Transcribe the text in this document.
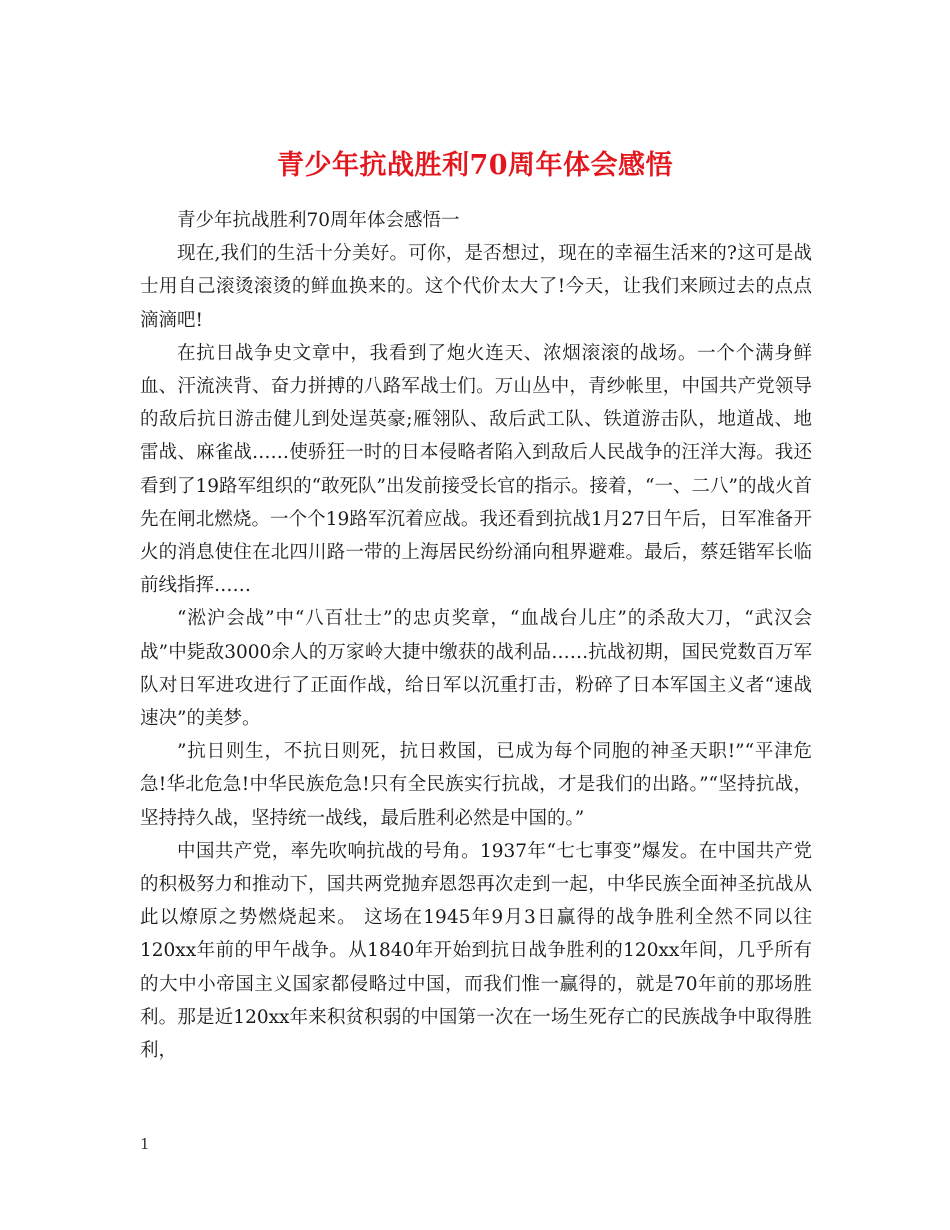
青少年抗战胜利70周年体会感悟

青少年抗战胜利70周年体会感悟一

现在,我们的生活十分美好。可你，是否想过，现在的幸福生活来的?这可是战士用自己滚烫滚烫的鲜血换来的。这个代价太大了!今天，让我们来顾过去的点点滴滴吧!

在抗日战争史文章中，我看到了炮火连天、浓烟滚滚的战场。一个个满身鲜血、汗流浃背、奋力拼搏的八路军战士们。万山丛中，青纱帐里，中国共产党领导的敌后抗日游击健儿到处逞英豪;雁翎队、敌后武工队、铁道游击队，地道战、地雷战、麻雀战……使骄狂一时的日本侵略者陷入到敌后人民战争的汪洋大海。我还看到了19路军组织的“敢死队”出发前接受长官的指示。接着，“一、二八”的战火首先在闸北燃烧。一个个19路军沉着应战。我还看到抗战1月27日午后，日军准备开火的消息使住在北四川路一带的上海居民纷纷涌向租界避难。最后，蔡廷锴军长临前线指挥……

“淞沪会战”中“八百壮士”的忠贞奖章，“血战台儿庄”的杀敌大刀，“武汉会战”中毙敌3000余人的万家岭大捷中缴获的战利品……抗战初期，国民党数百万军队对日军进攻进行了正面作战，给日军以沉重打击，粉碎了日本军国主义者“速战速决”的美梦。

”抗日则生，不抗日则死，抗日救国，已成为每个同胞的神圣天职!”“平津危急!华北危急!中华民族危急!只有全民族实行抗战，才是我们的出路。”“坚持抗战，坚持持久战，坚持统一战线，最后胜利必然是中国的。”

中国共产党，率先吹响抗战的号角。1937年“七七事变”爆发。在中国共产党的积极努力和推动下，国共两党抛弃恩怨再次走到一起，中华民族全面神圣抗战从此以燎原之势燃烧起来。 这场在1945年9月3日赢得的战争胜利全然不同以往120xx年前的甲午战争。从1840年开始到抗日战争胜利的120xx年间，几乎所有的大中小帝国主义国家都侵略过中国，而我们惟一赢得的，就是70年前的那场胜利。那是近120xx年来积贫积弱的中国第一次在一场生死存亡的民族战争中取得胜利，

1
